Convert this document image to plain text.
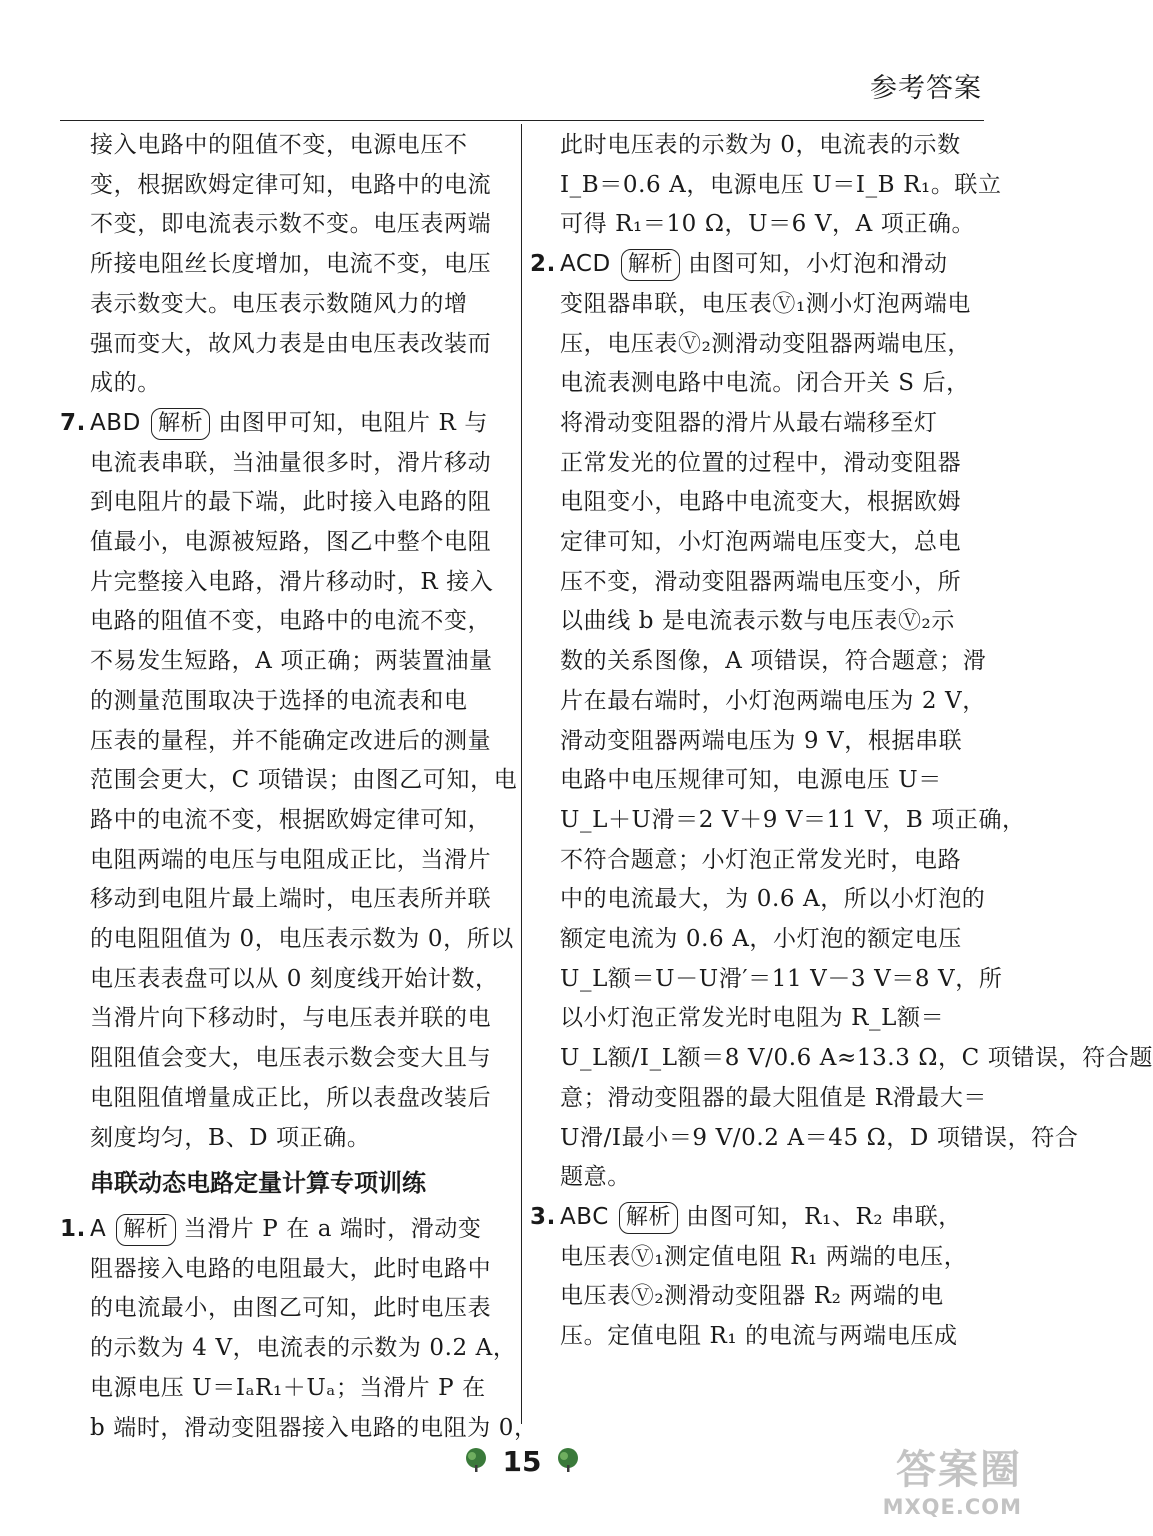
参考答案
接入电路中的阻值不变，电源电压不
变，根据欧姆定律可知，电路中的电流
不变，即电流表示数不变。电压表两端
所接电阻丝长度增加，电流不变，电压
表示数变大。电压表示数随风力的增
强而变大，故风力表是由电压表改装而
成的。
7. ABD 解析 由图甲可知，电阻片 R 与
电流表串联，当油量很多时，滑片移动
到电阻片的最下端，此时接入电路的阻
值最小，电源被短路，图乙中整个电阻
片完整接入电路，滑片移动时，R 接入
电路的阻值不变，电路中的电流不变，
不易发生短路，A 项正确；两装置油量
的测量范围取决于选择的电流表和电
压表的量程，并不能确定改进后的测量
范围会更大，C 项错误；由图乙可知，电
路中的电流不变，根据欧姆定律可知，
电阻两端的电压与电阻成正比，当滑片
移动到电阻片最上端时，电压表所并联
的电阻阻值为 0，电压表示数为 0，所以
电压表表盘可以从 0 刻度线开始计数，
当滑片向下移动时，与电压表并联的电
阻阻值会变大，电压表示数会变大且与
电阻阻值增量成正比，所以表盘改装后
刻度均匀，B、D 项正确。
串联动态电路定量计算专项训练
1. A 解析 当滑片 P 在 a 端时，滑动变
阻器接入电路的电阻最大，此时电路中
的电流最小，由图乙可知，此时电压表
的示数为 4 V，电流表的示数为 0.2 A，
电源电压 U＝IₐR₁＋Uₐ；当滑片 P 在
b 端时，滑动变阻器接入电路的电阻为 0，
此时电压表的示数为 0，电流表的示数
I_B＝0.6 A，电源电压 U＝I_B R₁。联立
可得 R₁＝10 Ω，U＝6 V，A 项正确。
2. ACD 解析 由图可知，小灯泡和滑动
变阻器串联，电压表Ⓥ₁测小灯泡两端电
压，电压表Ⓥ₂测滑动变阻器两端电压，
电流表测电路中电流。闭合开关 S 后，
将滑动变阻器的滑片从最右端移至灯
正常发光的位置的过程中，滑动变阻器
电阻变小，电路中电流变大，根据欧姆
定律可知，小灯泡两端电压变大，总电
压不变，滑动变阻器两端电压变小，所
以曲线 b 是电流表示数与电压表Ⓥ₂示
数的关系图像，A 项错误，符合题意；滑
片在最右端时，小灯泡两端电压为 2 V，
滑动变阻器两端电压为 9 V，根据串联
电路中电压规律可知，电源电压 U＝
U_L＋U滑＝2 V＋9 V＝11 V，B 项正确，
不符合题意；小灯泡正常发光时，电路
中的电流最大，为 0.6 A，所以小灯泡的
额定电流为 0.6 A，小灯泡的额定电压
U_L额＝U－U滑′＝11 V－3 V＝8 V，所
以小灯泡正常发光时电阻为 R_L额＝
U_L额/I_L额＝8 V/0.6 A≈13.3 Ω，C 项错误，符合题
意；滑动变阻器的最大阻值是 R滑最大＝
U滑/I最小＝9 V/0.2 A＝45 Ω，D 项错误，符合
题意。
3. ABC 解析 由图可知，R₁、R₂ 串联，
电压表Ⓥ₁测定值电阻 R₁ 两端的电压，
电压表Ⓥ₂测滑动变阻器 R₂ 两端的电
压。定值电阻 R₁ 的电流与两端电压成
15	答案圈
MXQE.COM
